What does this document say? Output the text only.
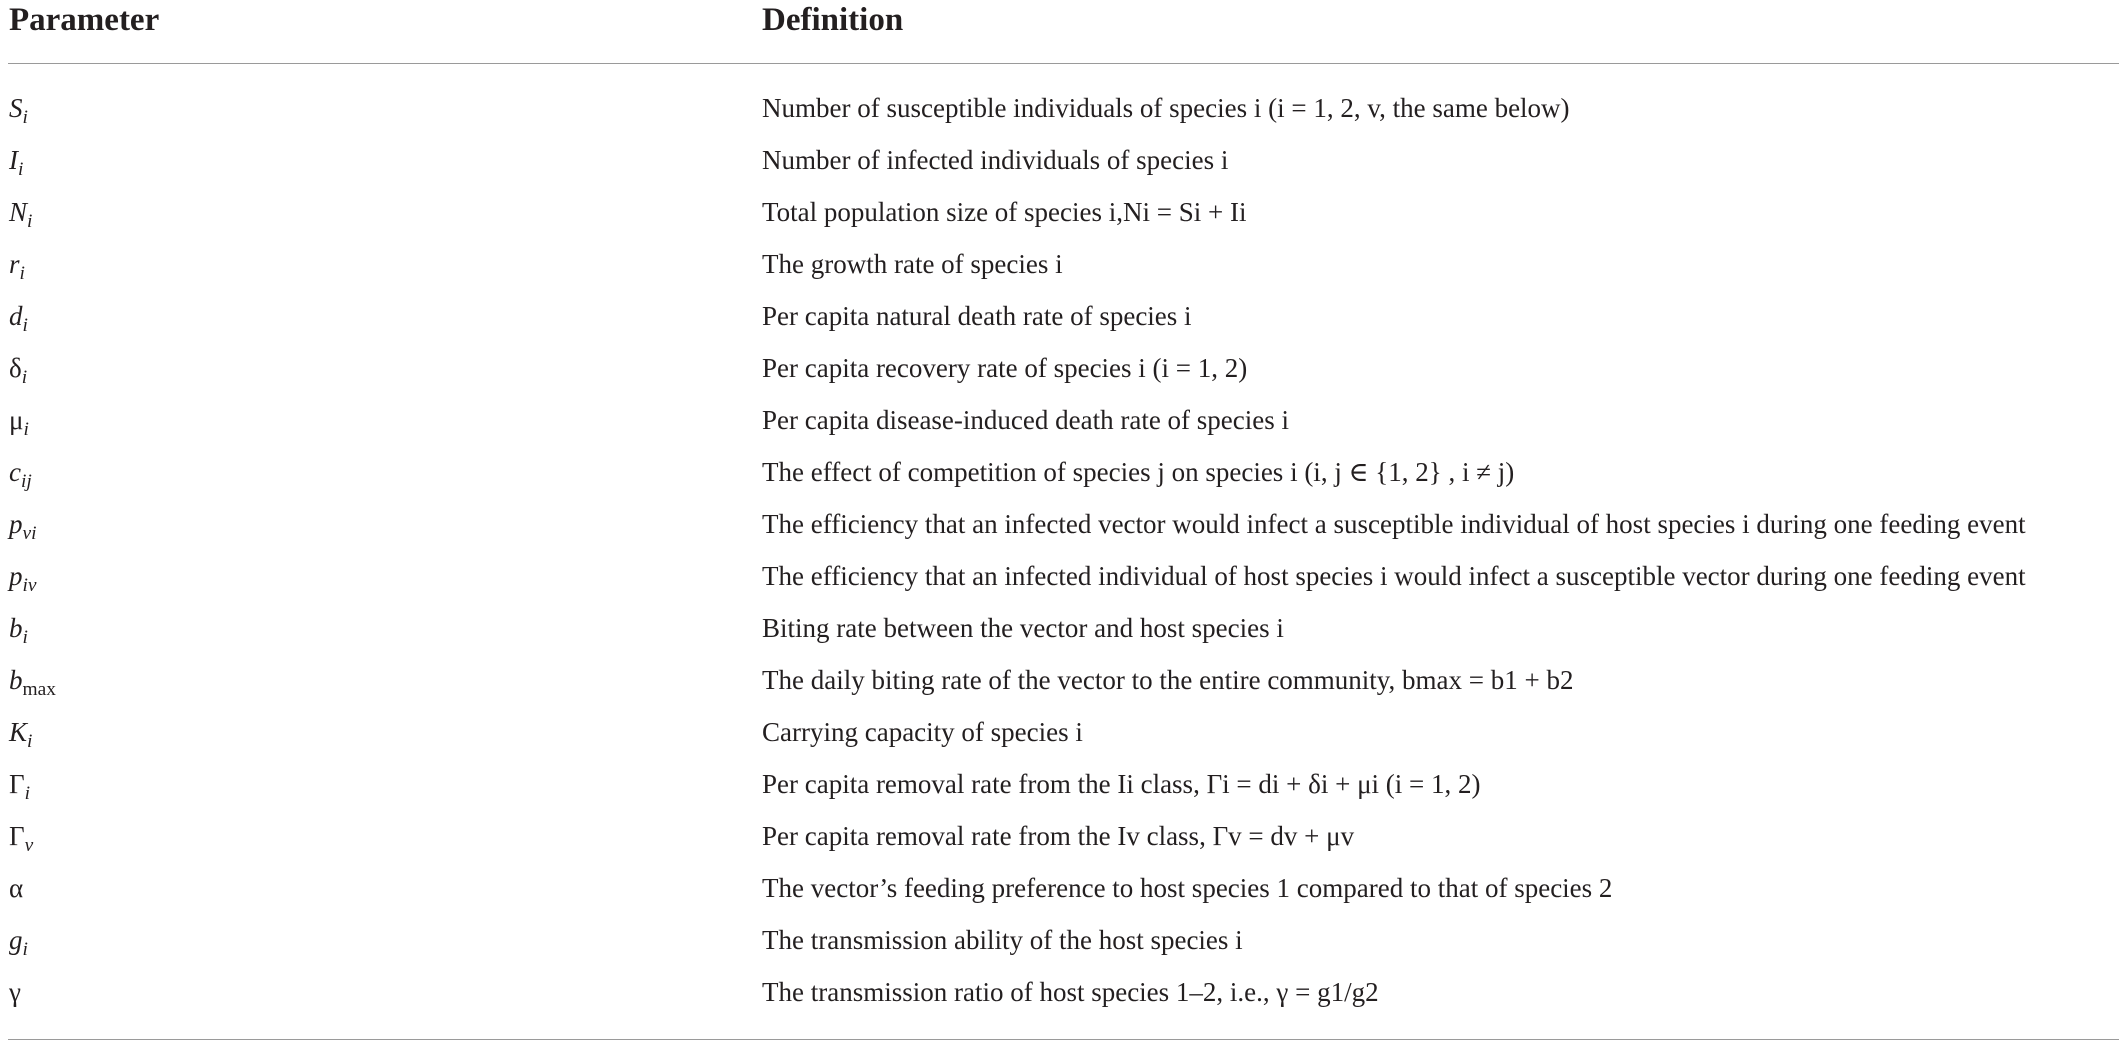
Parameter	Definition
$S_i$	Number of susceptible individuals of species i (i = 1, 2, v, the same below)
$I_i$	Number of infected individuals of species i
$N_i$	Total population size of species i,Ni = Si + Ii
$r_i$	The growth rate of species i
$d_i$	Per capita natural death rate of species i
$\delta_i$	Per capita recovery rate of species i (i = 1, 2)
$\mu_i$	Per capita disease-induced death rate of species i
$c_{ij}$	The effect of competition of species j on species i (i, j ∈ {1, 2} , i ≠ j)
$p_{vi}$	The efficiency that an infected vector would infect a susceptible individual of host species i during one feeding event
$p_{iv}$	The efficiency that an infected individual of host species i would infect a susceptible vector during one feeding event
$b_i$	Biting rate between the vector and host species i
$b_{max}$	The daily biting rate of the vector to the entire community, bmax = b1 + b2
$K_i$	Carrying capacity of species i
$\Gamma_i$	Per capita removal rate from the Ii class, Γi = di + δi + μi (i = 1, 2)
$\Gamma_v$	Per capita removal rate from the Iv class, Γv = dv + μv
α	The vector’s feeding preference to host species 1 compared to that of species 2
$g_i$	The transmission ability of the host species i
γ	The transmission ratio of host species 1–2, i.e., γ = g1/g2
